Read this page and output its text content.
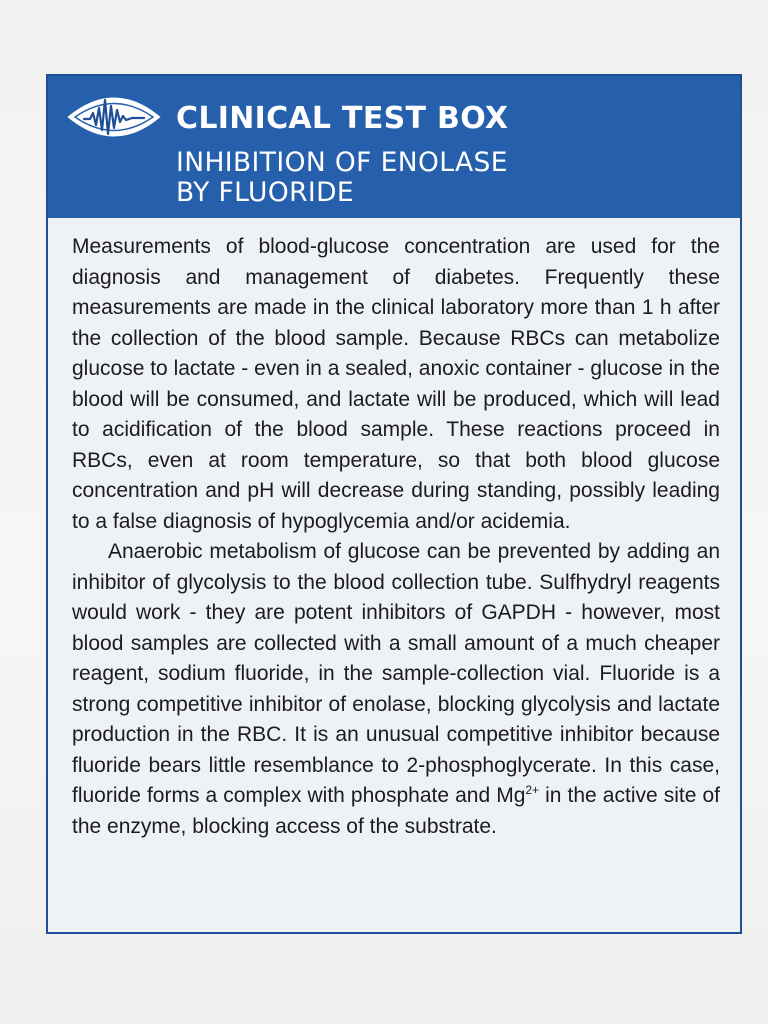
CLINICAL TEST BOX
INHIBITION OF ENOLASE
BY FLUORIDE

Measurements of blood-glucose concentration are used for the diagnosis and management of diabetes. Frequently these measurements are made in the clinical laboratory more than 1 h after the collection of the blood sample. Because RBCs can metabolize glucose to lactate - even in a sealed, anoxic container - glucose in the blood will be consumed, and lactate will be produced, which will lead to acidification of the blood sample. These reactions proceed in RBCs, even at room temperature, so that both blood glucose concentration and pH will decrease during standing, possibly leading to a false diagnosis of hypoglycemia and/or acidemia.

Anaerobic metabolism of glucose can be prevented by adding an inhibitor of glycolysis to the blood collection tube. Sulfhydryl reagents would work - they are potent inhibitors of GAPDH - however, most blood samples are collected with a small amount of a much cheaper reagent, sodium fluoride, in the sample-collection vial. Fluoride is a strong competitive inhibitor of enolase, blocking glycolysis and lactate production in the RBC. It is an unusual competitive inhibitor because fluoride bears little resemblance to 2-phosphoglycerate. In this case, fluoride forms a complex with phosphate and $Mg^{2+}$ in the active site of the enzyme, blocking access of the substrate.
